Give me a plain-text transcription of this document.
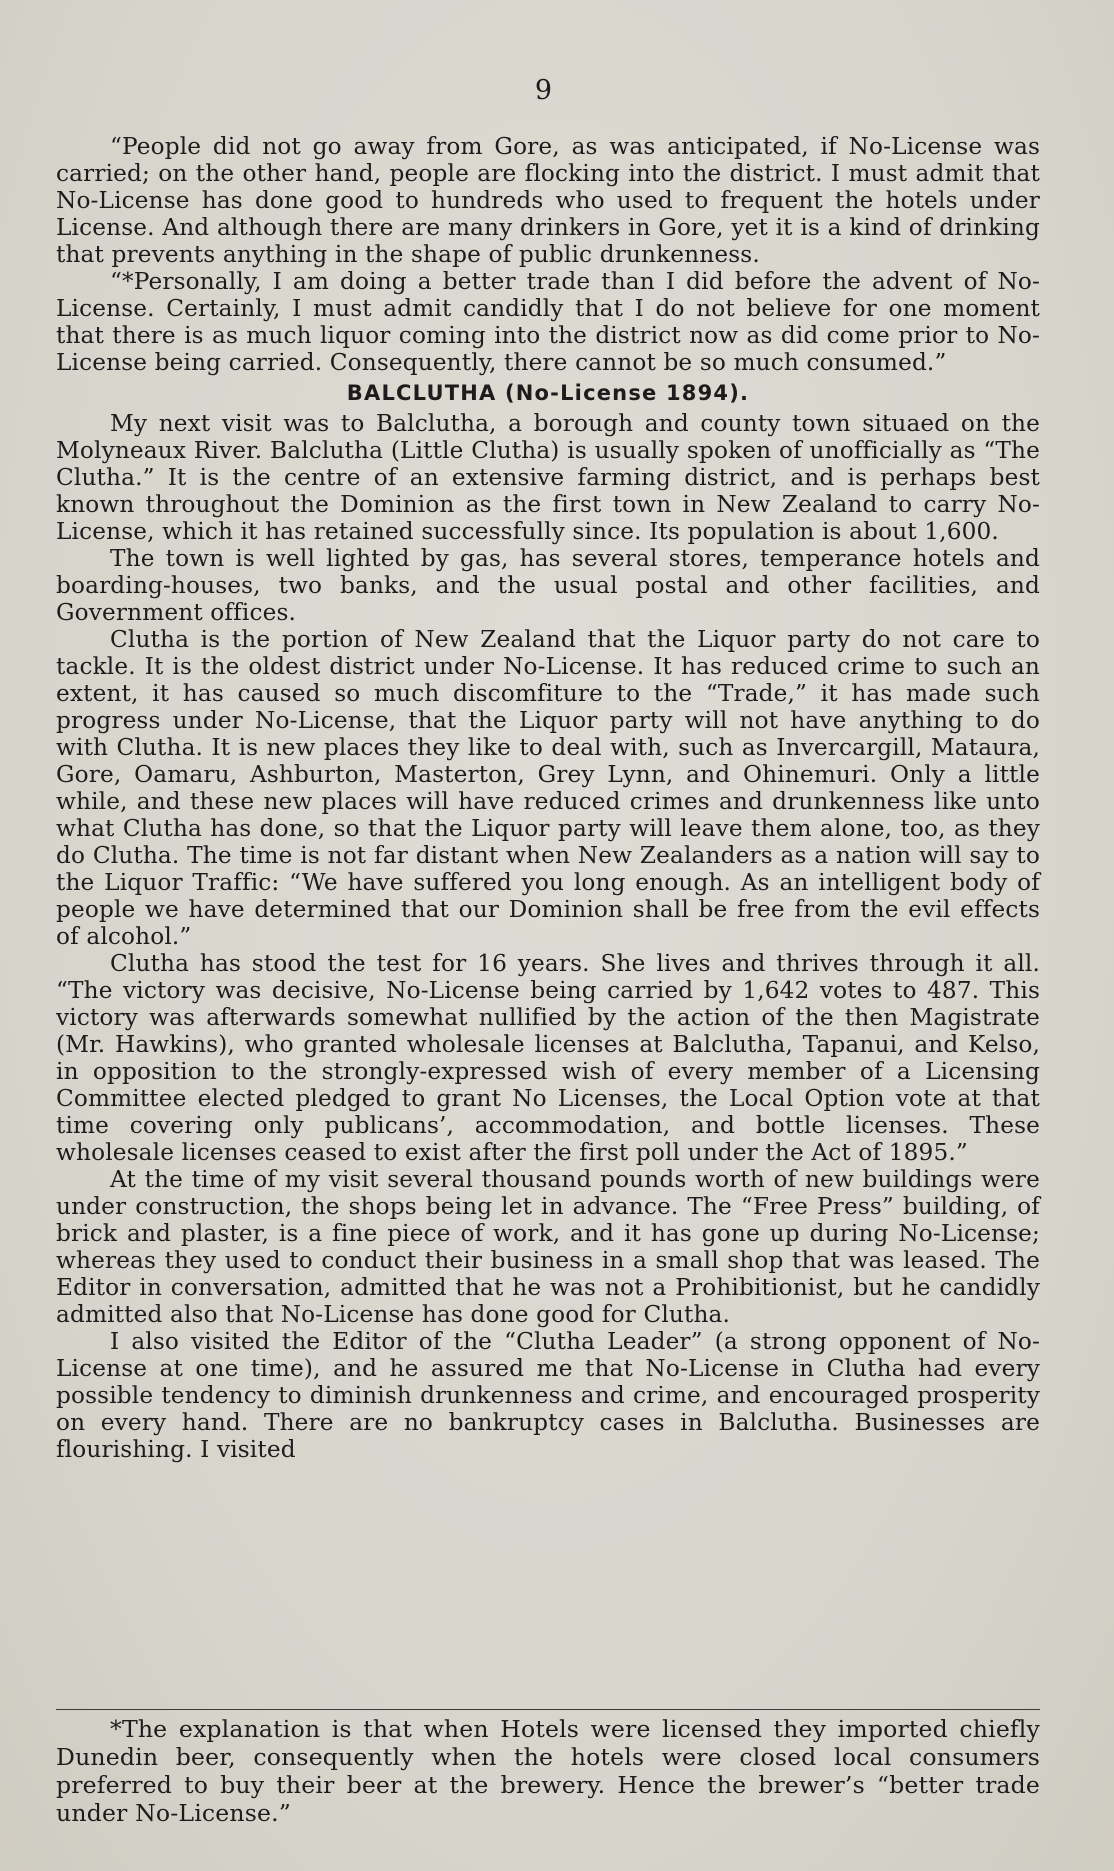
9

“People did not go away from Gore, as was anticipated, if No-License was carried; on the other hand, people are flocking into the district. I must admit that No-License has done good to hundreds who used to frequent the hotels under License. And although there are many drinkers in Gore, yet it is a kind of drinking that prevents anything in the shape of public drunkenness.

“*Personally, I am doing a better trade than I did before the advent of No-License. Certainly, I must admit candidly that I do not believe for one moment that there is as much liquor coming into the district now as did come prior to No-License being carried. Consequently, there cannot be so much consumed.”

BALCLUTHA (No-License 1894).

My next visit was to Balclutha, a borough and county town situaed on the Molyneaux River. Balclutha (Little Clutha) is usually spoken of unofficially as “The Clutha.” It is the centre of an extensive farming district, and is perhaps best known throughout the Dominion as the first town in New Zealand to carry No-License, which it has retained successfully since. Its population is about 1,600.

The town is well lighted by gas, has several stores, temperance hotels and boarding-houses, two banks, and the usual postal and other facilities, and Government offices.

Clutha is the portion of New Zealand that the Liquor party do not care to tackle. It is the oldest district under No-License. It has reduced crime to such an extent, it has caused so much discomfiture to the “Trade,” it has made such progress under No-License, that the Liquor party will not have anything to do with Clutha. It is new places they like to deal with, such as Invercargill, Mataura, Gore, Oamaru, Ashburton, Masterton, Grey Lynn, and Ohinemuri. Only a little while, and these new places will have reduced crimes and drunkenness like unto what Clutha has done, so that the Liquor party will leave them alone, too, as they do Clutha. The time is not far distant when New Zealanders as a nation will say to the Liquor Traffic: “We have suffered you long enough. As an intelligent body of people we have determined that our Dominion shall be free from the evil effects of alcohol.”

Clutha has stood the test for 16 years. She lives and thrives through it all. “The victory was decisive, No-License being carried by 1,642 votes to 487. This victory was afterwards somewhat nullified by the action of the then Magistrate (Mr. Hawkins), who granted wholesale licenses at Balclutha, Tapanui, and Kelso, in opposition to the strongly-expressed wish of every member of a Licensing Committee elected pledged to grant No Licenses, the Local Option vote at that time covering only publicans’, accommodation, and bottle licenses. These wholesale licenses ceased to exist after the first poll under the Act of 1895.”

At the time of my visit several thousand pounds worth of new buildings were under construction, the shops being let in advance. The “Free Press” building, of brick and plaster, is a fine piece of work, and it has gone up during No-License; whereas they used to conduct their business in a small shop that was leased. The Editor in conversation, admitted that he was not a Prohibitionist, but he candidly admitted also that No-License has done good for Clutha.

I also visited the Editor of the “Clutha Leader” (a strong opponent of No-License at one time), and he assured me that No-License in Clutha had every possible tendency to diminish drunkenness and crime, and encouraged prosperity on every hand. There are no bankruptcy cases in Balclutha. Businesses are flourishing. I visited

*The explanation is that when Hotels were licensed they imported chiefly Dunedin beer, consequently when the hotels were closed local consumers preferred to buy their beer at the brewery. Hence the brewer’s “better trade under No-License.”
